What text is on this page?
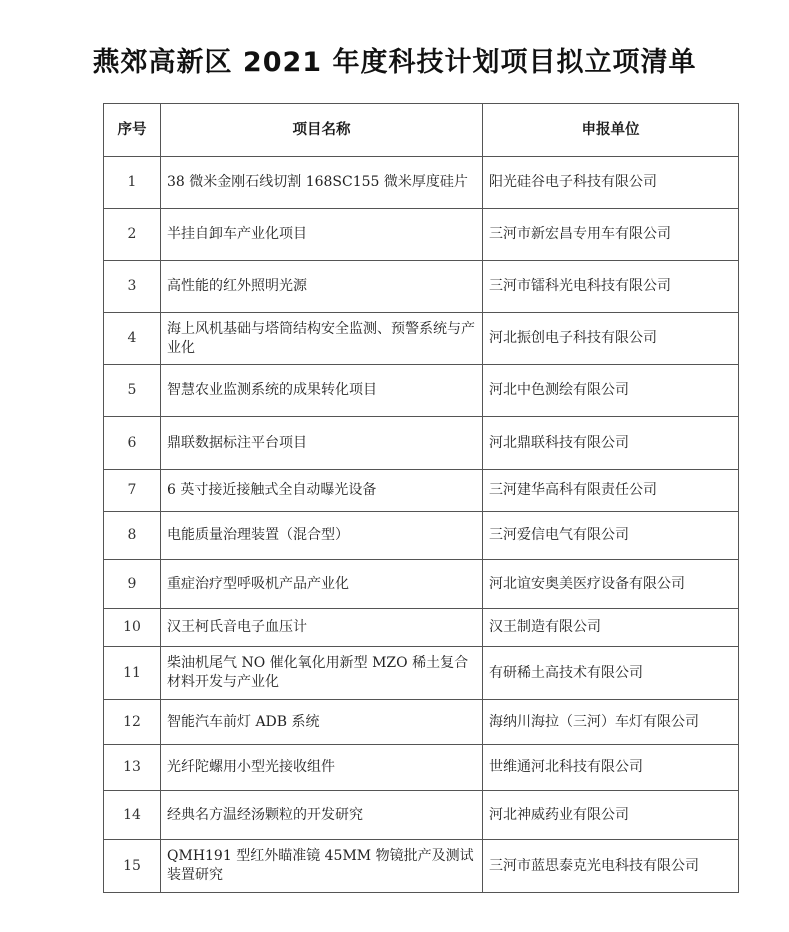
燕郊高新区 2021 年度科技计划项目拟立项清单
序号	项目名称	申报单位
1	38 微米金刚石线切割 168SC155 微米厚度硅片	阳光硅谷电子科技有限公司
2	半挂自卸车产业化项目	三河市新宏昌专用车有限公司
3	高性能的红外照明光源	三河市镭科光电科技有限公司
4	海上风机基础与塔筒结构安全监测、预警系统与产业化	河北振创电子科技有限公司
5	智慧农业监测系统的成果转化项目	河北中色测绘有限公司
6	鼎联数据标注平台项目	河北鼎联科技有限公司
7	6 英寸接近接触式全自动曝光设备	三河建华高科有限责任公司
8	电能质量治理装置（混合型）	三河爱信电气有限公司
9	重症治疗型呼吸机产品产业化	河北谊安奥美医疗设备有限公司
10	汉王柯氏音电子血压计	汉王制造有限公司
11	柴油机尾气 NO 催化氧化用新型 MZO 稀土复合材料开发与产业化	有研稀土高技术有限公司
12	智能汽车前灯 ADB 系统	海纳川海拉（三河）车灯有限公司
13	光纤陀螺用小型光接收组件	世维通河北科技有限公司
14	经典名方温经汤颗粒的开发研究	河北神威药业有限公司
15	QMH191 型红外瞄准镜 45MM 物镜批产及测试装置研究	三河市蓝思泰克光电科技有限公司
